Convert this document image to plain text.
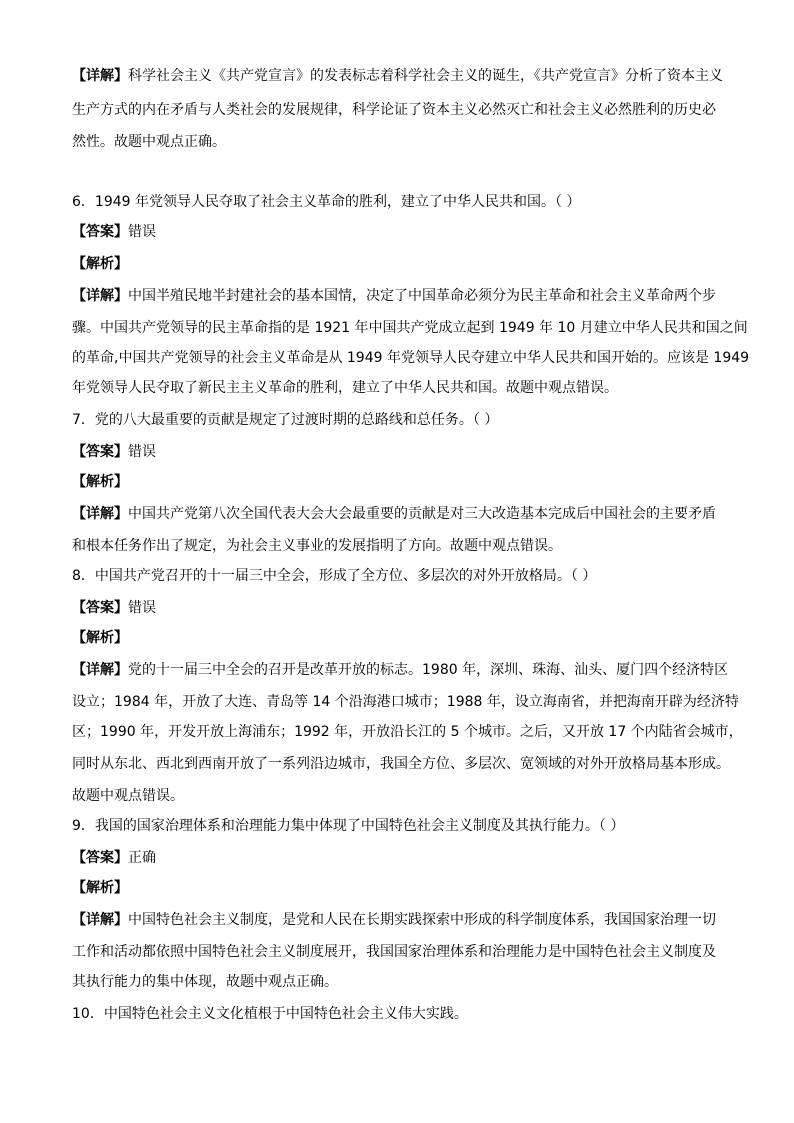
【详解】科学社会主义《共产党宣言》的发表标志着科学社会主义的诞生，《共产党宣言》分析了资本主义
生产方式的内在矛盾与人类社会的发展规律，科学论证了资本主义必然灭亡和社会主义必然胜利的历史必
然性。故题中观点正确。
6．1949 年党领导人民夺取了社会主义革命的胜利，建立了中华人民共和国。（ ）
【答案】错误
【解析】
【详解】中国半殖民地半封建社会的基本国情，决定了中国革命必须分为民主革命和社会主义革命两个步
骤。中国共产党领导的民主革命指的是 1921 年中国共产党成立起到 1949 年 10 月建立中华人民共和国之间
的革命,中国共产党领导的社会主义革命是从 1949 年党领导人民夺建立中华人民共和国开始的。应该是 1949
年党领导人民夺取了新民主主义革命的胜利，建立了中华人民共和国。故题中观点错误。
7．党的八大最重要的贡献是规定了过渡时期的总路线和总任务。（ ）
【答案】错误
【解析】
【详解】中国共产党第八次全国代表大会大会最重要的贡献是对三大改造基本完成后中国社会的主要矛盾
和根本任务作出了规定，为社会主义事业的发展指明了方向。故题中观点错误。
8．中国共产党召开的十一届三中全会，形成了全方位、多层次的对外开放格局。（ ）
【答案】错误
【解析】
【详解】党的十一届三中全会的召开是改革开放的标志。1980 年，深圳、珠海、汕头、厦门四个经济特区
设立；1984 年，开放了大连、青岛等 14 个沿海港口城市；1988 年，设立海南省，并把海南开辟为经济特
区；1990 年，开发开放上海浦东；1992 年，开放沿长江的 5 个城市。之后，又开放 17 个内陆省会城市，
同时从东北、西北到西南开放了一系列沿边城市，我国全方位、多层次、宽领域的对外开放格局基本形成。
故题中观点错误。
9．我国的国家治理体系和治理能力集中体现了中国特色社会主义制度及其执行能力。（ ）
【答案】正确
【解析】
【详解】中国特色社会主义制度，是党和人民在长期实践探索中形成的科学制度体系，我国国家治理一切
工作和活动都依照中国特色社会主义制度展开，我国国家治理体系和治理能力是中国特色社会主义制度及
其执行能力的集中体现，故题中观点正确。
10．中国特色社会主义文化植根于中国特色社会主义伟大实践。
